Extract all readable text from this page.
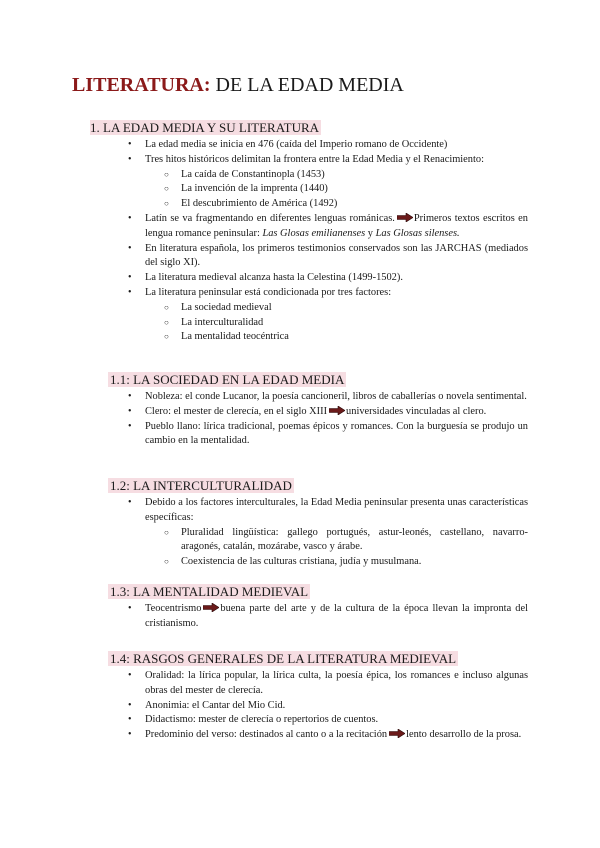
LITERATURA: DE LA EDAD MEDIA
1. LA EDAD MEDIA Y SU LITERATURA
• La edad media se inicia en 476 (caída del Imperio romano de Occidente)
• Tres hitos históricos delimitan la frontera entre la Edad Media y el Renacimiento:
○ La caída de Constantinopla (1453)
○ La invención de la imprenta (1440)
○ El descubrimiento de América (1492)
• Latín se va fragmentando en diferentes lenguas románicas. Primeros textos escritos en lengua romance peninsular: Las Glosas emilianenses y Las Glosas silenses.
• En literatura española, los primeros testimonios conservados son las JARCHAS (mediados del siglo XI).
• La literatura medieval alcanza hasta la Celestina (1499-1502).
• La literatura peninsular está condicionada por tres factores:
○ La sociedad medieval
○ La interculturalidad
○ La mentalidad teocéntrica
1.1: LA SOCIEDAD EN LA EDAD MEDIA
• Nobleza: el conde Lucanor, la poesía cancioneril, libros de caballerías o novela sentimental.
• Clero: el mester de clerecía, en el siglo XIII universidades vinculadas al clero.
• Pueblo llano: lírica tradicional, poemas épicos y romances. Con la burguesía se produjo un cambio en la mentalidad.
1.2: LA INTERCULTURALIDAD
• Debido a los factores interculturales, la Edad Media peninsular presenta unas características específicas:
○ Pluralidad lingüística: gallego portugués, astur-leonés, castellano, navarro-aragonés, catalán, mozárabe, vasco y árabe.
○ Coexistencia de las culturas cristiana, judía y musulmana.
1.3: LA MENTALIDAD MEDIEVAL
• Teocentrismo buena parte del arte y de la cultura de la época llevan la impronta del cristianismo.
1.4: RASGOS GENERALES DE LA LITERATURA MEDIEVAL
• Oralidad: la lírica popular, la lírica culta, la poesía épica, los romances e incluso algunas obras del mester de clerecía.
• Anonimia: el Cantar del Mio Cid.
• Didactismo: mester de clerecía o repertorios de cuentos.
• Predominio del verso: destinados al canto o a la recitación lento desarrollo de la prosa.
